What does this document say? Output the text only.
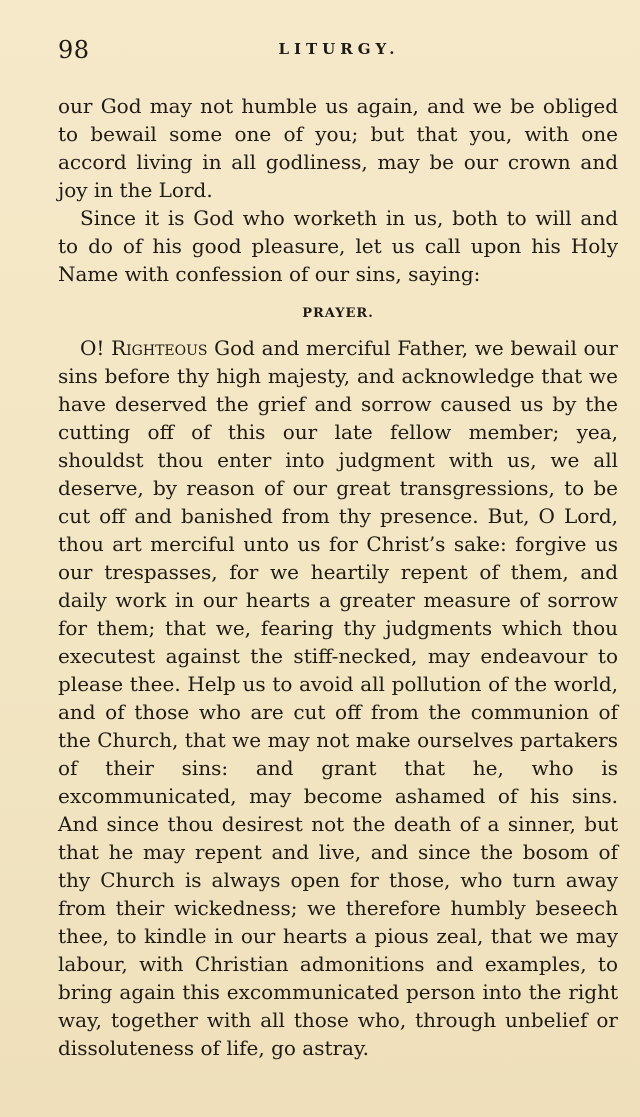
98	LITURGY.

our God may not humble us again, and we be obliged to bewail some one of you; but that you, with one accord living in all godliness, may be our crown and joy in the Lord.

Since it is God who worketh in us, both to will and to do of his good pleasure, let us call upon his Holy Name with confession of our sins, saying:

PRAYER.

O! Righteous God and merciful Father, we bewail our sins before thy high majesty, and acknowledge that we have deserved the grief and sorrow caused us by the cutting off of this our late fellow member; yea, shouldst thou enter into judgment with us, we all deserve, by reason of our great transgressions, to be cut off and banished from thy presence. But, O Lord, thou art merciful unto us for Christ’s sake: forgive us our trespasses, for we heartily repent of them, and daily work in our hearts a greater measure of sorrow for them; that we, fearing thy judgments which thou executest against the stiff-necked, may endeavour to please thee. Help us to avoid all pollution of the world, and of those who are cut off from the communion of the Church, that we may not make ourselves partakers of their sins: and grant that he, who is excommunicated, may become ashamed of his sins. And since thou desirest not the death of a sinner, but that he may repent and live, and since the bosom of thy Church is always open for those, who turn away from their wickedness; we therefore humbly beseech thee, to kindle in our hearts a pious zeal, that we may labour, with Christian admonitions and examples, to bring again this excommunicated person into the right way, together with all those who, through unbelief or dissoluteness of life, go astray.
